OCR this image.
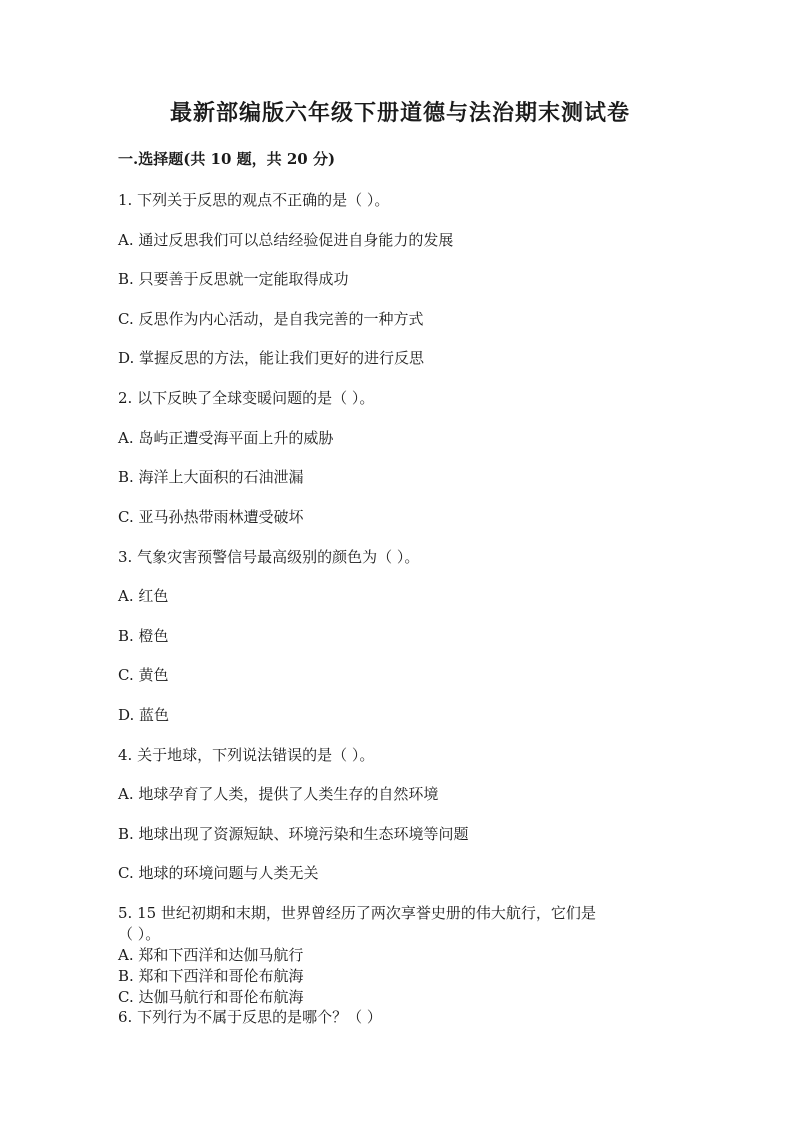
最新部编版六年级下册道德与法治期末测试卷
一.选择题(共 10 题，共 20 分)
1. 下列关于反思的观点不正确的是（ ）。
A. 通过反思我们可以总结经验促进自身能力的发展
B. 只要善于反思就一定能取得成功
C. 反思作为内心活动，是自我完善的一种方式
D. 掌握反思的方法，能让我们更好的进行反思
2. 以下反映了全球变暖问题的是（ ）。
A. 岛屿正遭受海平面上升的威胁
B. 海洋上大面积的石油泄漏
C. 亚马孙热带雨林遭受破坏
3. 气象灾害预警信号最高级别的颜色为（ ）。
A. 红色
B. 橙色
C. 黄色
D. 蓝色
4. 关于地球，下列说法错误的是（ ）。
A. 地球孕育了人类，提供了人类生存的自然环境
B. 地球出现了资源短缺、环境污染和生态环境等问题
C. 地球的环境问题与人类无关
5. 15 世纪初期和末期，世界曾经历了两次享誉史册的伟大航行，它们是
（ ）。
A. 郑和下西洋和达伽马航行
B. 郑和下西洋和哥伦布航海
C. 达伽马航行和哥伦布航海
6. 下列行为不属于反思的是哪个？（ ）
